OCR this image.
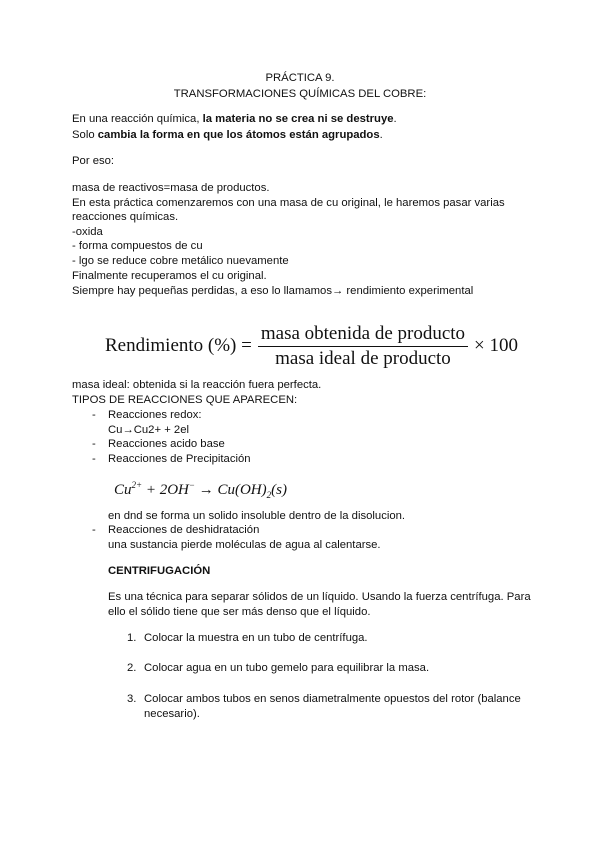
PRÁCTICA 9.
TRANSFORMACIONES QUÍMICAS DEL COBRE:
En una reacción química, la materia no se crea ni se destruye.
Solo cambia la forma en que los átomos están agrupados.
Por eso:
masa de reactivos=masa de productos.
En esta práctica comenzaremos con una masa de cu original, le haremos pasar varias
reacciones químicas.
-oxida
- forma compuestos de cu
- lgo se reduce cobre metálico nuevamente
Finalmente recuperamos el cu original.
Siempre hay pequeñas perdidas, a eso lo llamamos→ rendimiento experimental
Rendimiento (%) = $\frac{\text{masa obtenida de producto}}{\text{masa ideal de producto}} \times 100$
masa ideal: obtenida si la reacción fuera perfecta.
TIPOS DE REACCIONES QUE APARECEN:
- Reacciones redox:
Cu→Cu2+ + 2el
- Reacciones acido base
- Reacciones de Precipitación
$Cu^{2+} + 2OH^- \to Cu(OH)_2(s)$
en dnd se forma un solido insoluble dentro de la disolucion.
- Reacciones de deshidratación
una sustancia pierde moléculas de agua al calentarse.
CENTRIFUGACIÓN
Es una técnica para separar sólidos de un líquido. Usando la fuerza centrífuga. Para
ello el sólido tiene que ser más denso que el líquido.
1. Colocar la muestra en un tubo de centrífuga.
2. Colocar agua en un tubo gemelo para equilibrar la masa.
3. Colocar ambos tubos en senos diametralmente opuestos del rotor (balance
necesario).
